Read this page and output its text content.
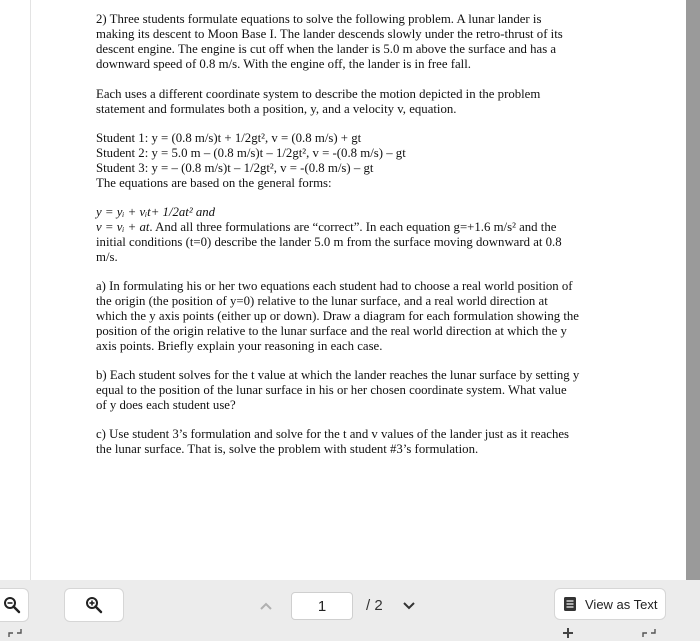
2) Three students formulate equations to solve the following problem. A lunar lander is making its descent to Moon Base I. The lander descends slowly under the retro-thrust of its descent engine. The engine is cut off when the lander is 5.0 m above the surface and has a downward speed of 0.8 m/s. With the engine off, the lander is in free fall.

Each uses a different coordinate system to describe the motion depicted in the problem statement and formulates both a position, y, and a velocity v, equation.

Student 1: y = (0.8 m/s)t + 1/2gt², v = (0.8 m/s) + gt

Student 2: y = 5.0 m – (0.8 m/s)t – 1/2gt², v = -(0.8 m/s) – gt

Student 3: y = – (0.8 m/s)t – 1/2gt², v = -(0.8 m/s) – gt

The equations are based on the general forms:

y = yᵢ + vᵢt+ 1/2at² and

v = vᵢ + at. And all three formulations are “correct”. In each equation g=+1.6 m/s² and the initial conditions (t=0) describe the lander 5.0 m from the surface moving downward at 0.8 m/s.

a) In formulating his or her two equations each student had to choose a real world position of the origin (the position of y=0) relative to the lunar surface, and a real world direction at which the y axis points (either up or down). Draw a diagram for each formulation showing the position of the origin relative to the lunar surface and the real world direction at which the y axis points. Briefly explain your reasoning in each case.

b) Each student solves for the t value at which the lander reaches the lunar surface by setting y equal to the position of the lunar surface in his or her chosen coordinate system. What value of y does each student use?

c) Use student 3’s formulation and solve for the t and v values of the lander just as it reaches the lunar surface. That is, solve the problem with student #3’s formulation.

1	/ 2	View as Text
